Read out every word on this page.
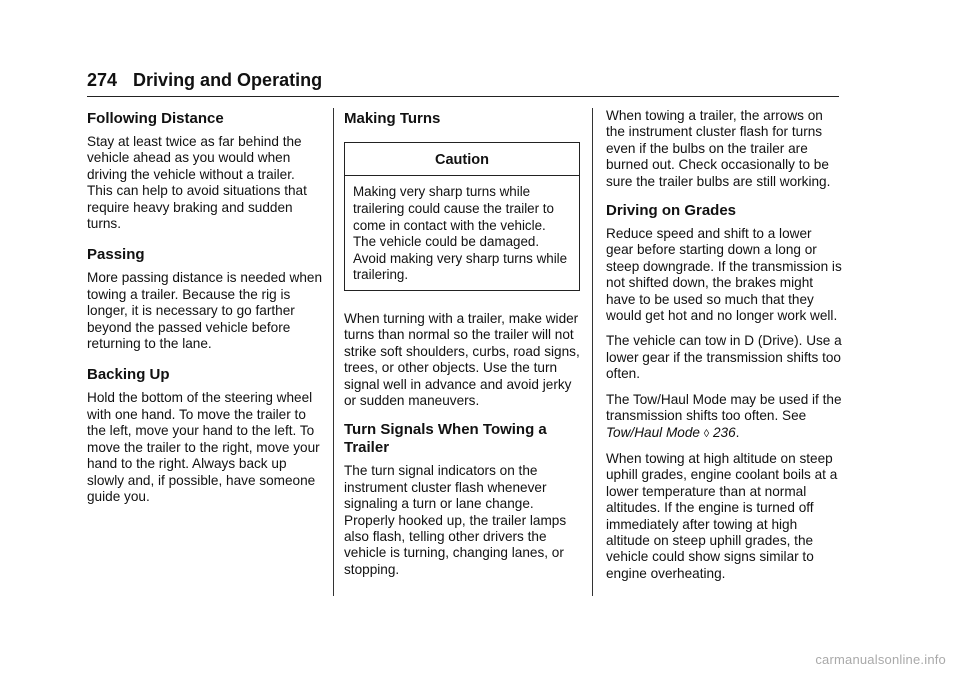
274 Driving and Operating
Following Distance

Stay at least twice as far behind the vehicle ahead as you would when driving the vehicle without a trailer. This can help to avoid situations that require heavy braking and sudden turns.

Passing

More passing distance is needed when towing a trailer. Because the rig is longer, it is necessary to go farther beyond the passed vehicle before returning to the lane.

Backing Up

Hold the bottom of the steering wheel with one hand. To move the trailer to the left, move your hand to the left. To move the trailer to the right, move your hand to the right. Always back up slowly and, if possible, have someone guide you.

Making Turns
Caution
Making very sharp turns while trailering could cause the trailer to come in contact with the vehicle. The vehicle could be damaged. Avoid making very sharp turns while trailering.

When turning with a trailer, make wider turns than normal so the trailer will not strike soft shoulders, curbs, road signs, trees, or other objects. Use the turn signal well in advance and avoid jerky or sudden maneuvers.

Turn Signals When Towing a Trailer

The turn signal indicators on the instrument cluster flash whenever signaling a turn or lane change. Properly hooked up, the trailer lamps also flash, telling other drivers the vehicle is turning, changing lanes, or stopping.

When towing a trailer, the arrows on the instrument cluster flash for turns even if the bulbs on the trailer are burned out. Check occasionally to be sure the trailer bulbs are still working.

Driving on Grades

Reduce speed and shift to a lower gear before starting down a long or steep downgrade. If the transmission is not shifted down, the brakes might have to be used so much that they would get hot and no longer work well.

The vehicle can tow in D (Drive). Use a lower gear if the transmission shifts too often.

The Tow/Haul Mode may be used if the transmission shifts too often. See Tow/Haul Mode ◊ 236.

When towing at high altitude on steep uphill grades, engine coolant boils at a lower temperature than at normal altitudes. If the engine is turned off immediately after towing at high altitude on steep uphill grades, the vehicle could show signs similar to engine overheating.

carmanualsonline.info
